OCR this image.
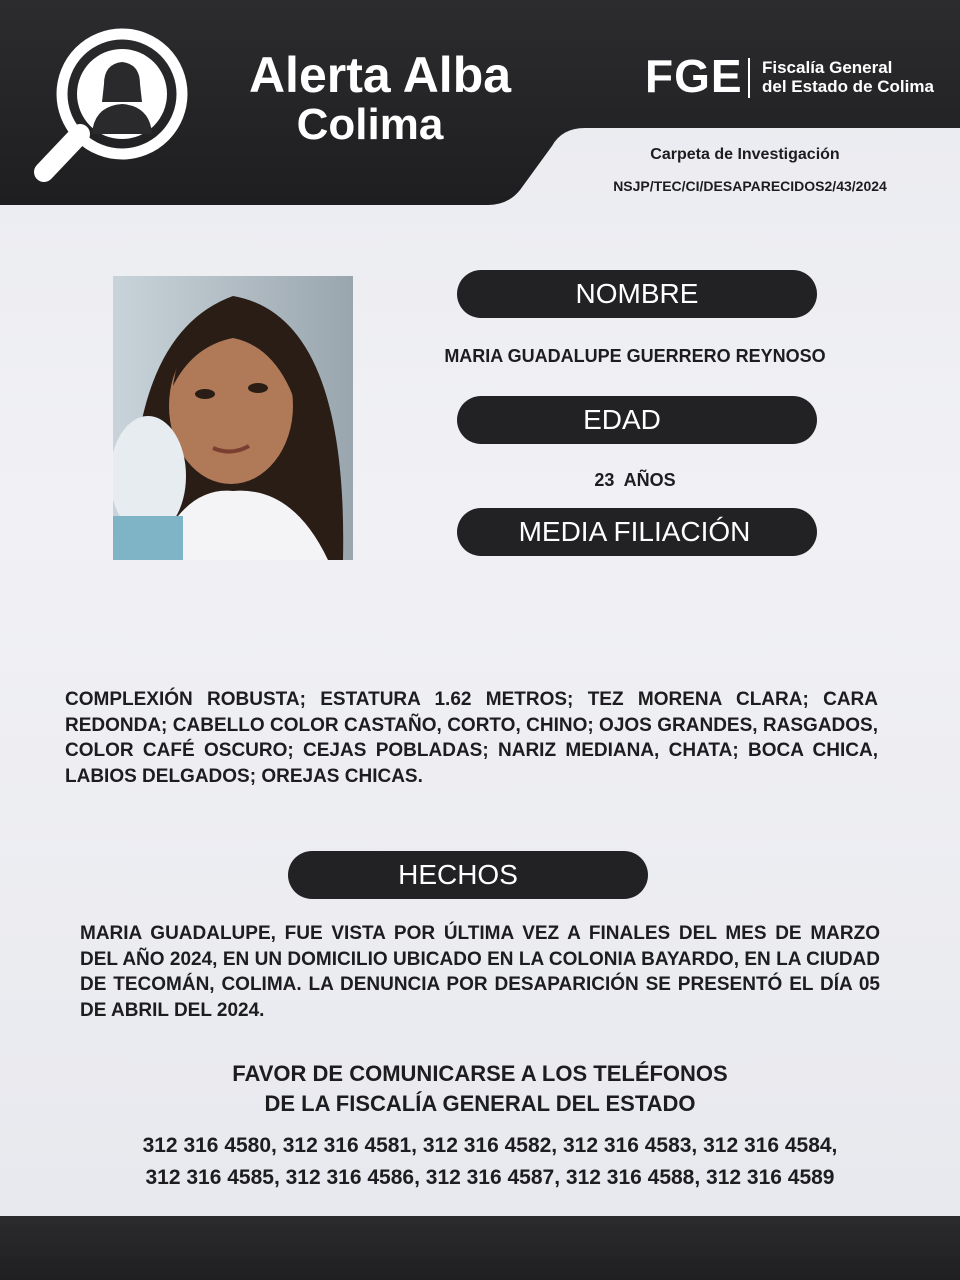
Alerta Alba
Colima
FGE Fiscalía General
del Estado de Colima
Carpeta de Investigación
NSJP/TEC/CI/DESAPARECIDOS2/43/2024
NOMBRE
MARIA GUADALUPE GUERRERO REYNOSO
EDAD
23  AÑOS
MEDIA FILIACIÓN
COMPLEXIÓN ROBUSTA; ESTATURA 1.62 METROS; TEZ MORENA CLARA; CARA REDONDA; CABELLO COLOR CASTAÑO, CORTO, CHINO; OJOS GRANDES, RASGADOS, COLOR CAFÉ OSCURO; CEJAS POBLADAS; NARIZ MEDIANA, CHATA; BOCA CHICA, LABIOS DELGADOS; OREJAS CHICAS.
HECHOS
MARIA GUADALUPE, FUE VISTA POR ÚLTIMA VEZ A FINALES DEL MES DE MARZO DEL AÑO 2024, EN UN DOMICILIO UBICADO EN LA COLONIA BAYARDO, EN LA CIUDAD DE TECOMÁN, COLIMA. LA DENUNCIA POR DESAPARICIÓN SE PRESENTÓ EL DÍA 05 DE ABRIL DEL 2024.
FAVOR DE COMUNICARSE A LOS TELÉFONOS
DE LA FISCALÍA GENERAL DEL ESTADO
312 316 4580, 312 316 4581, 312 316 4582, 312 316 4583, 312 316 4584,
312 316 4585, 312 316 4586, 312 316 4587, 312 316 4588, 312 316 4589
